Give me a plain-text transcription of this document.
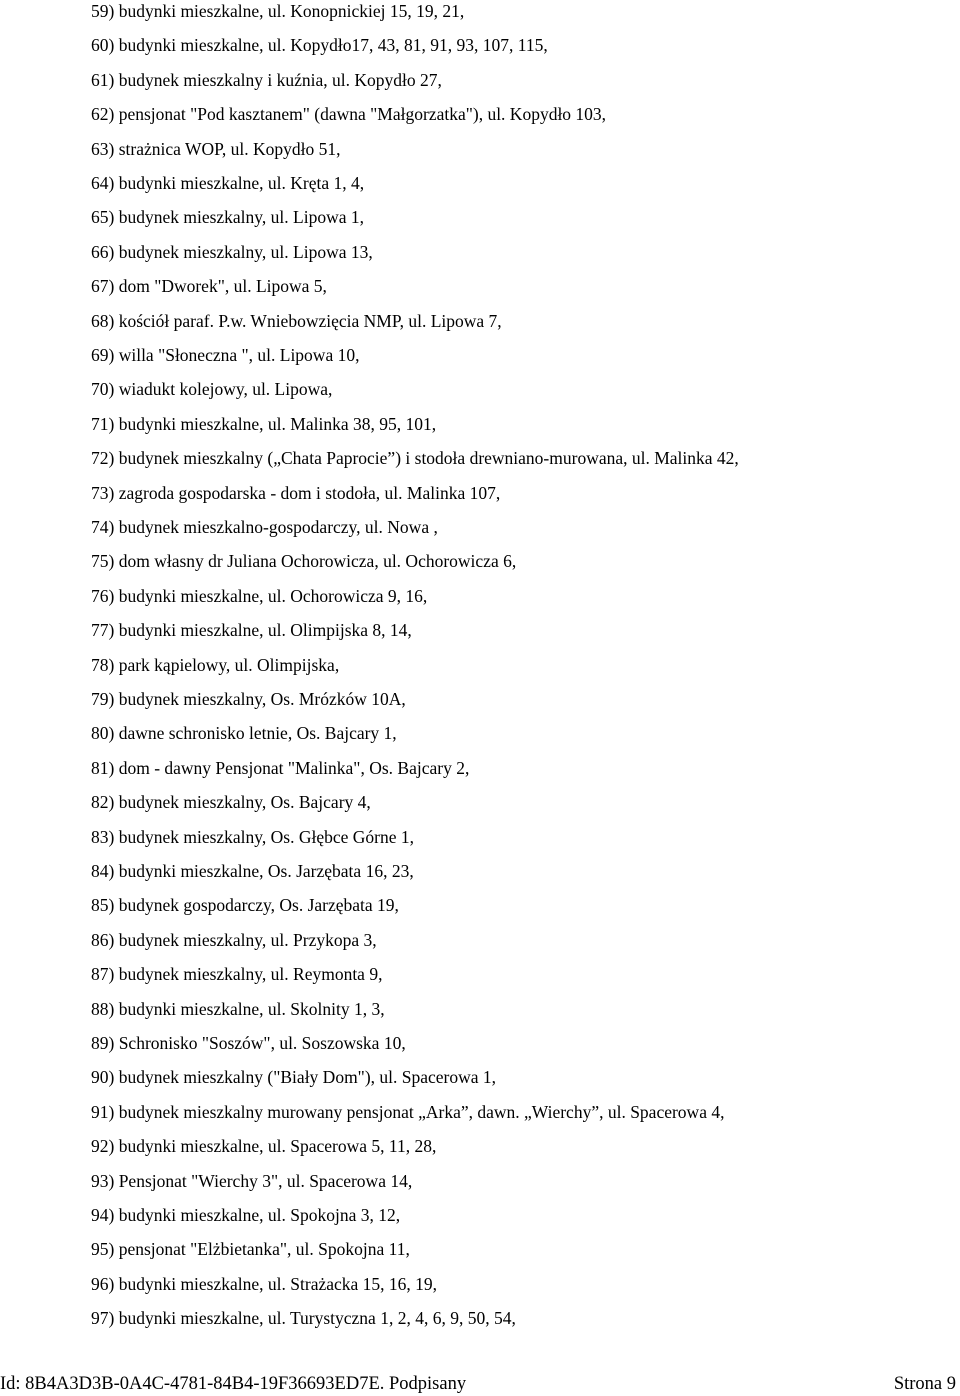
59) budynki mieszkalne, ul. Konopnickiej 15, 19, 21,
60) budynki mieszkalne, ul. Kopydło17, 43, 81, 91, 93, 107, 115,
61) budynek mieszkalny i kuźnia, ul. Kopydło 27,
62) pensjonat "Pod kasztanem" (dawna "Małgorzatka"), ul. Kopydło 103,
63) strażnica WOP, ul. Kopydło 51,
64) budynki mieszkalne, ul. Kręta 1, 4,
65) budynek mieszkalny, ul. Lipowa 1,
66) budynek mieszkalny, ul. Lipowa 13,
67) dom "Dworek", ul. Lipowa 5,
68) kościół paraf. P.w. Wniebowzięcia NMP, ul. Lipowa 7,
69) willa "Słoneczna ", ul. Lipowa 10,
70) wiadukt kolejowy, ul. Lipowa,
71) budynki mieszkalne, ul. Malinka 38, 95, 101,
72) budynek mieszkalny („Chata Paprocie”) i stodoła drewniano-murowana, ul. Malinka 42,
73) zagroda gospodarska - dom i stodoła, ul. Malinka 107,
74) budynek mieszkalno-gospodarczy, ul. Nowa ,
75) dom własny dr Juliana Ochorowicza, ul. Ochorowicza 6,
76) budynki mieszkalne, ul. Ochorowicza 9, 16,
77) budynki mieszkalne, ul. Olimpijska 8, 14,
78) park kąpielowy, ul. Olimpijska,
79) budynek mieszkalny, Os. Mrózków 10A,
80) dawne schronisko letnie, Os. Bajcary 1,
81) dom - dawny Pensjonat "Malinka", Os. Bajcary 2,
82) budynek mieszkalny, Os. Bajcary 4,
83) budynek mieszkalny, Os. Głębce Górne 1,
84) budynki mieszkalne, Os. Jarzębata 16, 23,
85) budynek gospodarczy, Os. Jarzębata 19,
86) budynek mieszkalny, ul. Przykopa 3,
87) budynek mieszkalny, ul. Reymonta 9,
88) budynki mieszkalne, ul. Skolnity 1, 3,
89) Schronisko "Soszów", ul. Soszowska 10,
90) budynek mieszkalny ("Biały Dom"), ul. Spacerowa 1,
91) budynek mieszkalny murowany pensjonat „Arka”, dawn. „Wierchy”, ul. Spacerowa 4,
92) budynki mieszkalne, ul. Spacerowa 5, 11, 28,
93) Pensjonat "Wierchy 3", ul. Spacerowa 14,
94) budynki mieszkalne, ul. Spokojna 3, 12,
95) pensjonat "Elżbietanka", ul. Spokojna 11,
96) budynki mieszkalne, ul. Strażacka 15, 16, 19,
97) budynki mieszkalne, ul. Turystyczna 1, 2, 4, 6, 9, 50, 54,
Id: 8B4A3D3B-0A4C-4781-84B4-19F36693ED7E. Podpisany	Strona 9
